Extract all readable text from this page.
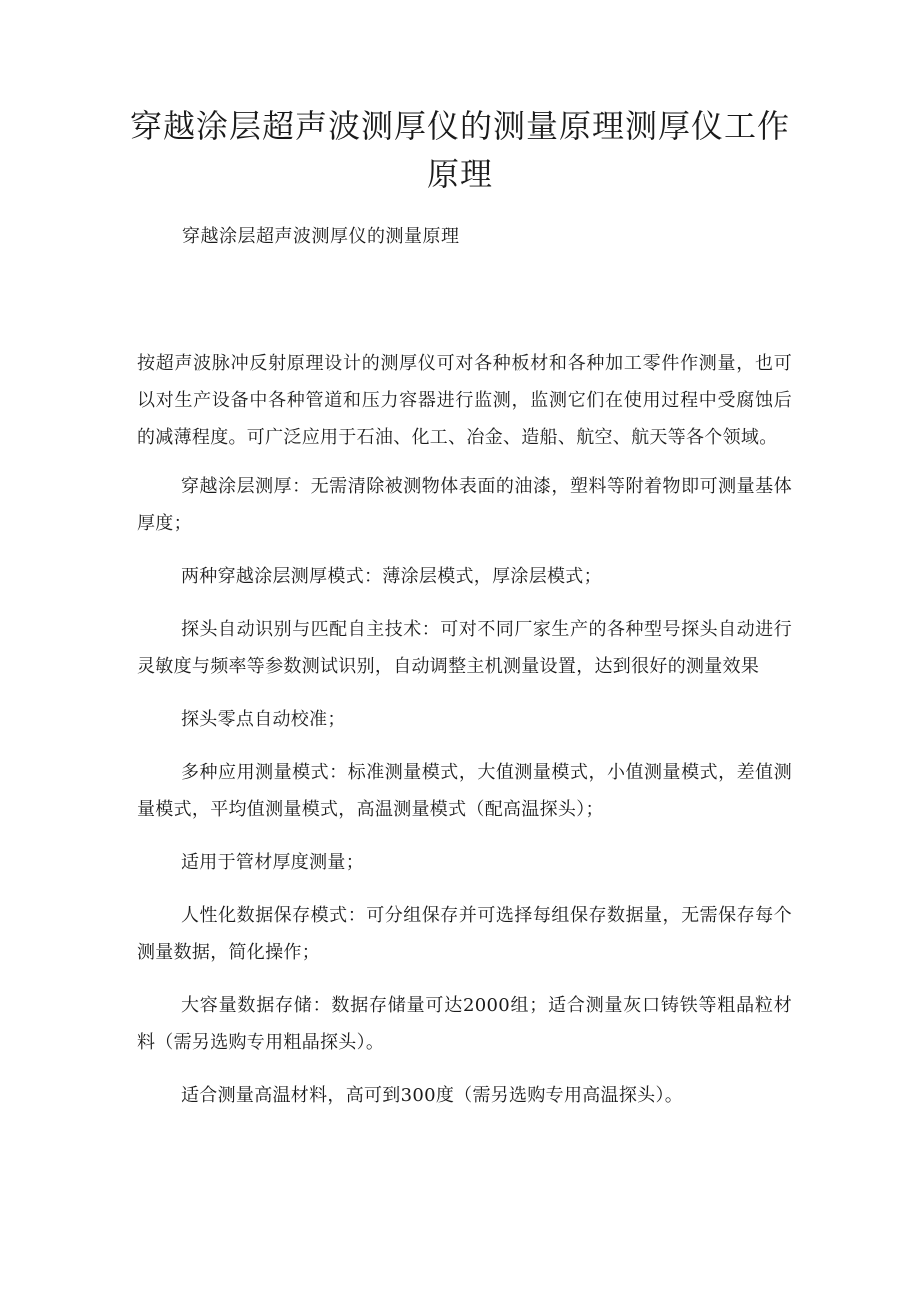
穿越涂层超声波测厚仪的测量原理测厚仪工作原理

穿越涂层超声波测厚仪的测量原理

按超声波脉冲反射原理设计的测厚仪可对各种板材和各种加工零件作测量，也可以对生产设备中各种管道和压力容器进行监测，监测它们在使用过程中受腐蚀后的减薄程度。可广泛应用于石油、化工、冶金、造船、航空、航天等各个领域。

穿越涂层测厚：无需清除被测物体表面的油漆，塑料等附着物即可测量基体厚度；

两种穿越涂层测厚模式：薄涂层模式，厚涂层模式；

探头自动识别与匹配自主技术：可对不同厂家生产的各种型号探头自动进行灵敏度与频率等参数测试识别，自动调整主机测量设置，达到很好的测量效果

探头零点自动校准；

多种应用测量模式：标准测量模式，大值测量模式，小值测量模式，差值测量模式，平均值测量模式，高温测量模式（配高温探头）；

适用于管材厚度测量；

人性化数据保存模式：可分组保存并可选择每组保存数据量，无需保存每个测量数据，简化操作；

大容量数据存储：数据存储量可达2000组；适合测量灰口铸铁等粗晶粒材料（需另选购专用粗晶探头）。

适合测量高温材料，高可到300度（需另选购专用高温探头）。
